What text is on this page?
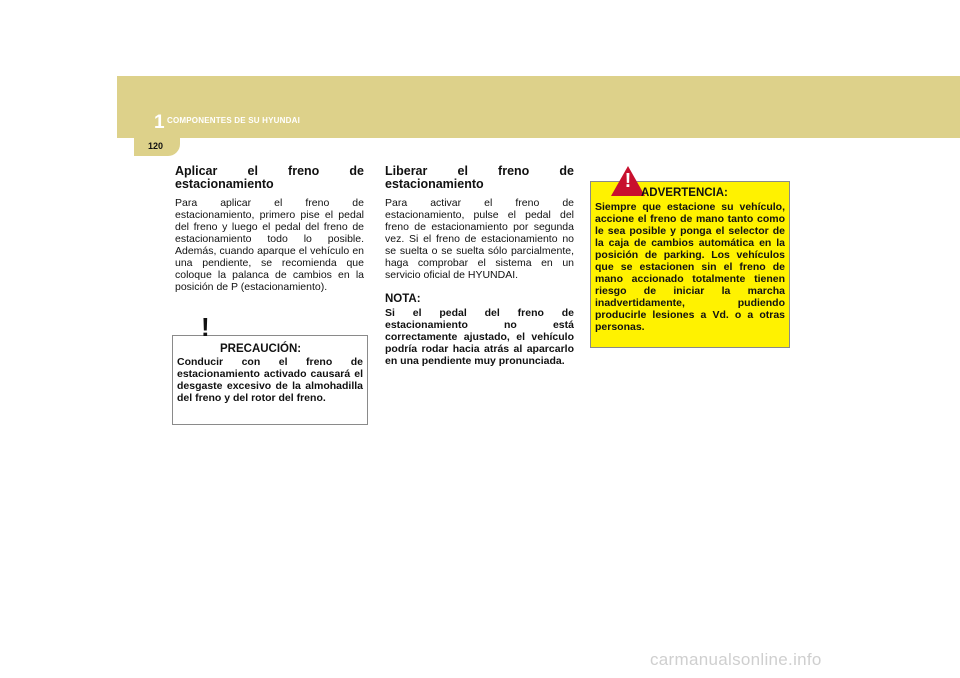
1 COMPONENTES DE SU HYUNDAI
120
Aplicar el freno de
estacionamiento

Para aplicar el freno de estacionamiento, primero pise el pedal del freno y luego el pedal del freno de estacionamiento todo lo posible. Además, cuando aparque el vehículo en una pendiente, se recomienda que coloque la palanca de cambios en la posición de P (estacionamiento).

!
PRECAUCIÓN:
Conducir con el freno de estacionamiento activado causará el desgaste excesivo de la almohadilla del freno y del rotor del freno.
Liberar el freno de
estacionamiento

Para activar el freno de estacionamiento, pulse el pedal del freno de estacionamiento por segunda vez. Si el freno de estacionamiento no se suelta o se suelta sólo parcialmente, haga comprobar el sistema en un servicio oficial de HYUNDAI.

NOTA:

Si el pedal del freno de estacionamiento no está correctamente ajustado, el vehículo podría rodar hacia atrás al aparcarlo en una pendiente muy pronunciada.

!
ADVERTENCIA:
Siempre que estacione su vehículo, accione el freno de mano tanto como le sea posible y ponga el selector de la caja de cambios automática en la posición de parking. Los vehículos que se estacionen sin el freno de mano accionado totalmente tienen riesgo de iniciar la marcha inadvertidamente, pudiendo producirle lesiones a Vd. o a otras personas.
carmanualsonline.info
